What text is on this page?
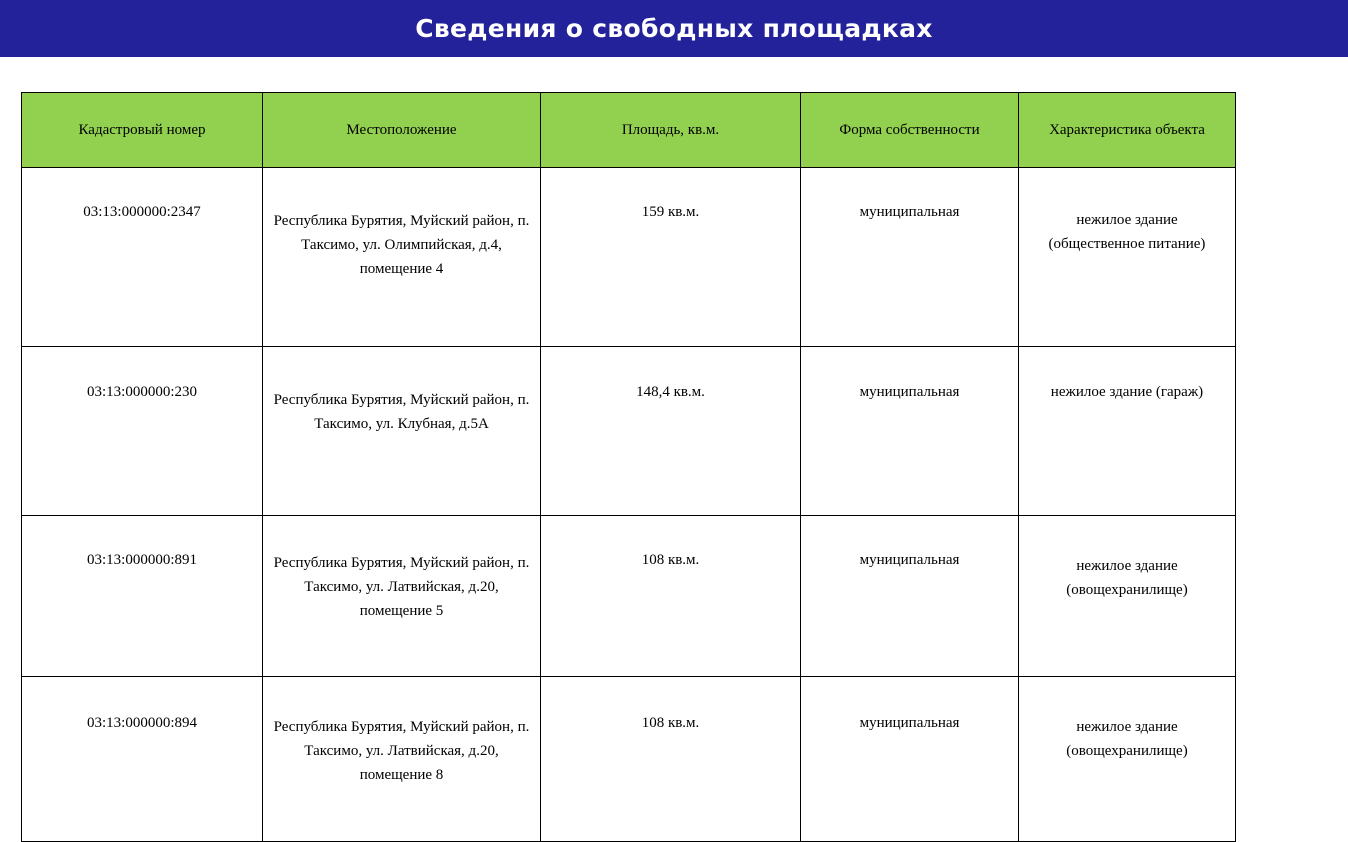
Сведения о свободных площадках
Кадастровый номер	Местоположение	Площадь, кв.м.	Форма собственности	Характеристика объекта
03:13:000000:2347	Республика Бурятия, Муйский район, п. Таксимо, ул. Олимпийская, д.4, помещение 4	159 кв.м.	муниципальная	нежилое здание (общественное питание)
03:13:000000:230	Республика Бурятия, Муйский район, п. Таксимо, ул. Клубная, д.5А	148,4 кв.м.	муниципальная	нежилое здание (гараж)
03:13:000000:891	Республика Бурятия, Муйский район, п. Таксимо, ул. Латвийская, д.20, помещение 5	108 кв.м.	муниципальная	нежилое здание (овощехранилище)
03:13:000000:894	Республика Бурятия, Муйский район, п. Таксимо, ул. Латвийская, д.20, помещение 8	108 кв.м.	муниципальная	нежилое здание (овощехранилище)
